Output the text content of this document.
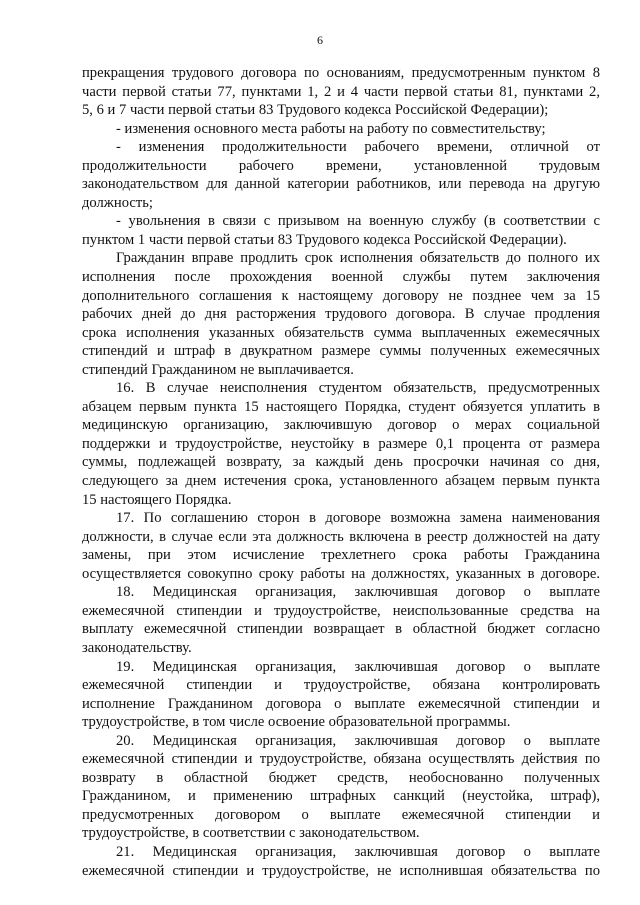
6
прекращения трудового договора по основаниям, предусмотренным пунктом 8
части первой статьи 77, пунктами 1, 2 и 4 части первой статьи 81, пунктами 2,
5, 6 и 7 части первой статьи 83 Трудового кодекса Российской Федерации);
- изменения основного места работы на работу по совместительству;
- изменения продолжительности рабочего времени, отличной от
продолжительности рабочего времени, установленной трудовым
законодательством для данной категории работников, или перевода на другую
должность;
- увольнения в связи с призывом на военную службу (в соответствии с
пунктом 1 части первой статьи 83 Трудового кодекса Российской Федерации).
Гражданин вправе продлить срок исполнения обязательств до полного их
исполнения после прохождения военной службы путем заключения
дополнительного соглашения к настоящему договору не позднее чем за 15
рабочих дней до дня расторжения трудового договора. В случае продления
срока исполнения указанных обязательств сумма выплаченных ежемесячных
стипендий и штраф в двукратном размере суммы полученных ежемесячных
стипендий Гражданином не выплачивается.
16. В случае неисполнения студентом обязательств, предусмотренных
абзацем первым пункта 15 настоящего Порядка, студент обязуется уплатить в
медицинскую организацию, заключившую договор о мерах социальной
поддержки и трудоустройстве, неустойку в размере 0,1 процента от размера
суммы, подлежащей возврату, за каждый день просрочки начиная со дня,
следующего за днем истечения срока, установленного абзацем первым пункта
15 настоящего Порядка.
17. По соглашению сторон в договоре возможна замена наименования
должности, в случае если эта должность включена в реестр должностей на дату
замены, при этом исчисление трехлетнего срока работы Гражданина
осуществляется совокупно сроку работы на должностях, указанных в договоре.
18. Медицинская организация, заключившая договор о выплате
ежемесячной стипендии и трудоустройстве, неиспользованные средства на
выплату ежемесячной стипендии возвращает в областной бюджет согласно
законодательству.
19. Медицинская организация, заключившая договор о выплате
ежемесячной стипендии и трудоустройстве, обязана контролировать
исполнение Гражданином договора о выплате ежемесячной стипендии и
трудоустройстве, в том числе освоение образовательной программы.
20. Медицинская организация, заключившая договор о выплате
ежемесячной стипендии и трудоустройстве, обязана осуществлять действия по
возврату в областной бюджет средств, необоснованно полученных
Гражданином, и применению штрафных санкций (неустойка, штраф),
предусмотренных договором о выплате ежемесячной стипендии и
трудоустройстве, в соответствии с законодательством.
21. Медицинская организация, заключившая договор о выплате
ежемесячной стипендии и трудоустройстве, не исполнившая обязательства по
